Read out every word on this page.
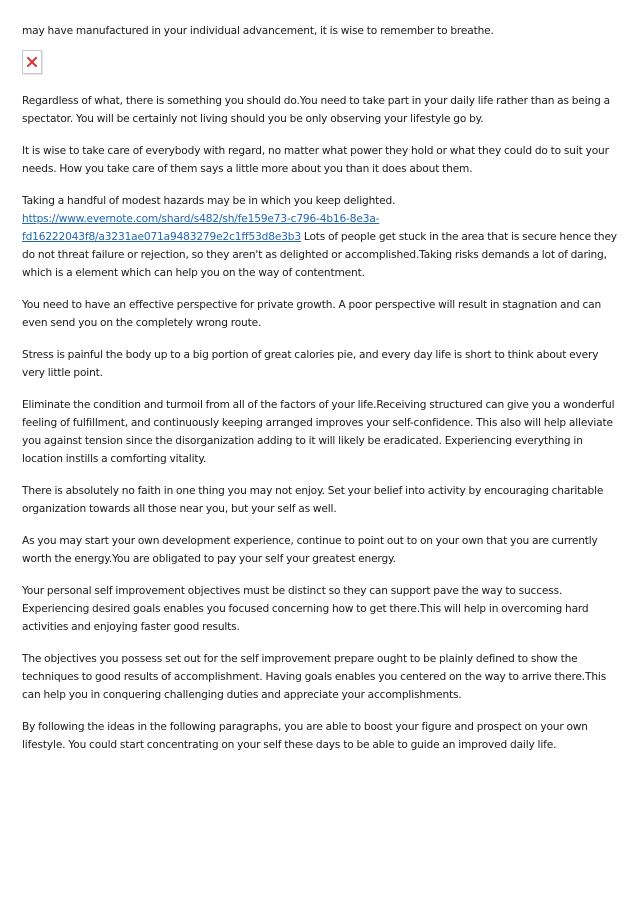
may have manufactured in your individual advancement, it is wise to remember to breathe.

Regardless of what, there is something you should do.You need to take part in your daily life rather than as being a spectator. You will be certainly not living should you be only observing your lifestyle go by.

It is wise to take care of everybody with regard, no matter what power they hold or what they could do to suit your needs. How you take care of them says a little more about you than it does about them.

Taking a handful of modest hazards may be in which you keep delighted. https://www.evernote.com/shard/s482/sh/fe159e73-c796-4b16-8e3a-fd16222043f8/a3231ae071a9483279e2c1ff53d8e3b3 Lots of people get stuck in the area that is secure hence they do not threat failure or rejection, so they aren't as delighted or accomplished.Taking risks demands a lot of daring, which is a element which can help you on the way of contentment.

You need to have an effective perspective for private growth. A poor perspective will result in stagnation and can even send you on the completely wrong route.

Stress is painful the body up to a big portion of great calories pie, and every day life is short to think about every very little point.

Eliminate the condition and turmoil from all of the factors of your life.Receiving structured can give you a wonderful feeling of fulfillment, and continuously keeping arranged improves your self-confidence. This also will help alleviate you against tension since the disorganization adding to it will likely be eradicated. Experiencing everything in location instills a comforting vitality.

There is absolutely no faith in one thing you may not enjoy. Set your belief into activity by encouraging charitable organization towards all those near you, but your self as well.

As you may start your own development experience, continue to point out to on your own that you are currently worth the energy.You are obligated to pay your self your greatest energy.

Your personal self improvement objectives must be distinct so they can support pave the way to success. Experiencing desired goals enables you focused concerning how to get there.This will help in overcoming hard activities and enjoying faster good results.

The objectives you possess set out for the self improvement prepare ought to be plainly defined to show the techniques to good results of accomplishment. Having goals enables you centered on the way to arrive there.This can help you in conquering challenging duties and appreciate your accomplishments.

By following the ideas in the following paragraphs, you are able to boost your figure and prospect on your own lifestyle. You could start concentrating on your self these days to be able to guide an improved daily life.
